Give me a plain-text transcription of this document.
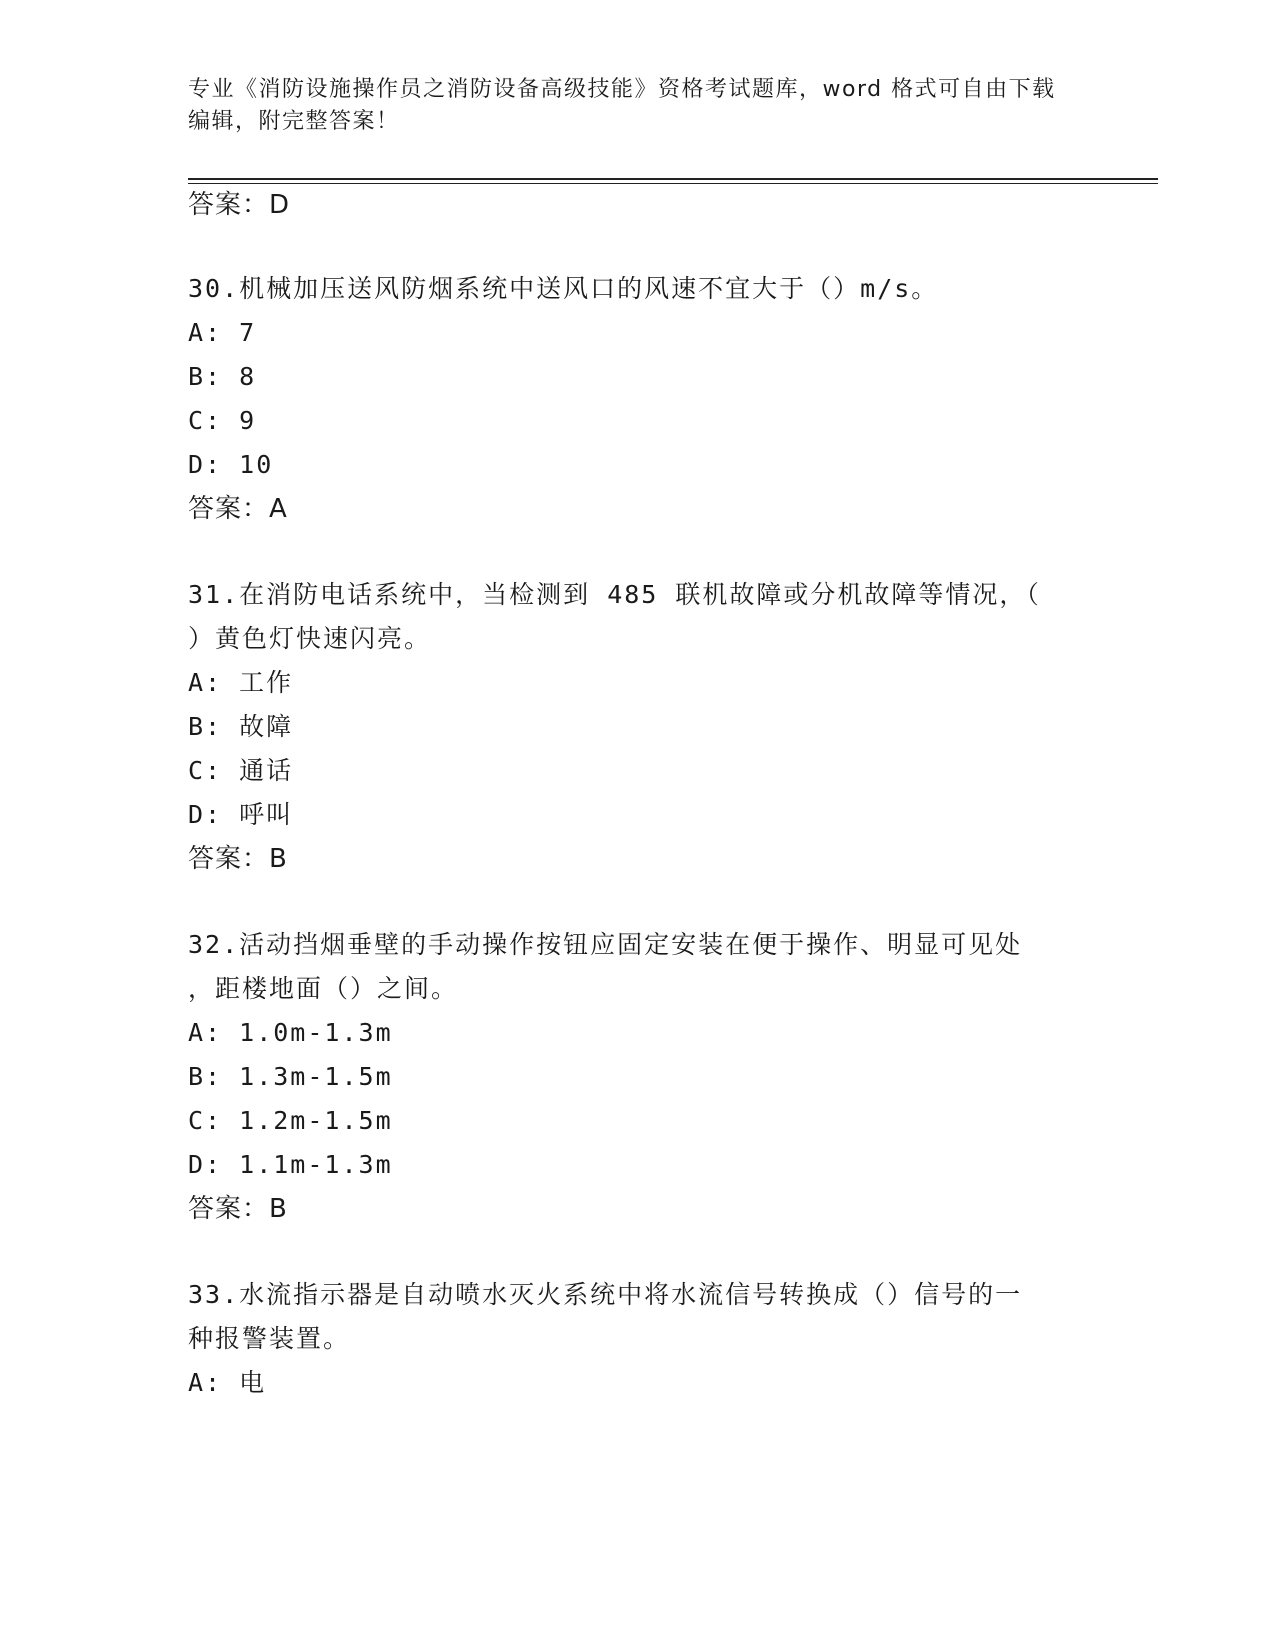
专业《消防设施操作员之消防设备高级技能》资格考试题库，word 格式可自由下载编辑，附完整答案！
答案：D
30.机械加压送风防烟系统中送风口的风速不宜大于（）m/s。
A: 7
B: 8
C: 9
D: 10
答案：A
31.在消防电话系统中，当检测到 485 联机故障或分机故障等情况，（
）黄色灯快速闪亮。
A: 工作
B: 故障
C: 通话
D: 呼叫
答案：B
32.活动挡烟垂壁的手动操作按钮应固定安装在便于操作、明显可见处
，距楼地面（）之间。
A: 1.0m-1.3m
B: 1.3m-1.5m
C: 1.2m-1.5m
D: 1.1m-1.3m
答案：B
33.水流指示器是自动喷水灭火系统中将水流信号转换成（）信号的一
种报警装置。
A: 电
